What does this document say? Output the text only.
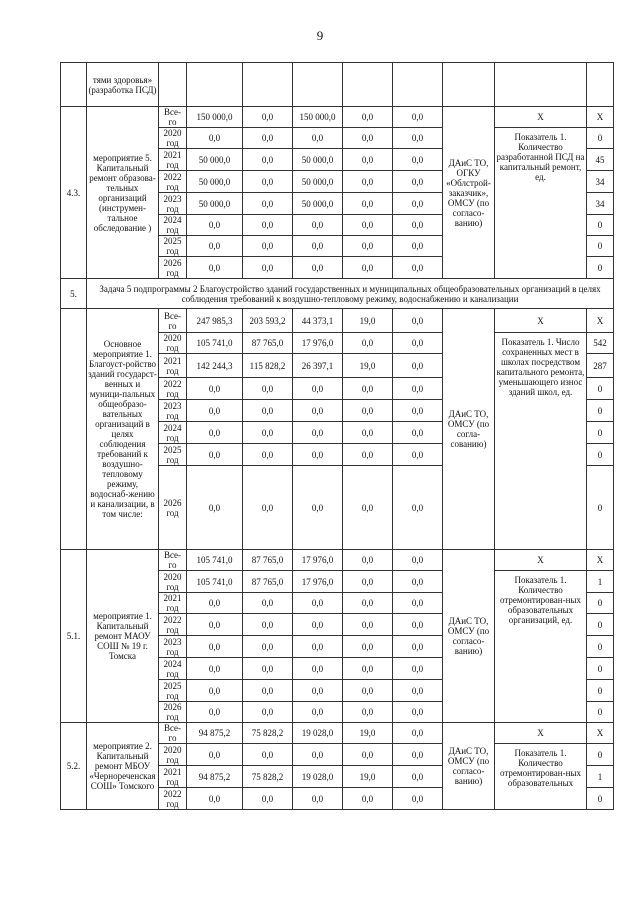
9
	тями здоровья» (разработка ПСД)									
4.3.	мероприятие 5. Капитальный ремонт образова-тельных организаций (инструмен-тальное обследование )	Все-го	150 000,0	0,0	150 000,0	0,0	0,0	ДАиС ТО, ОГКУ «Облстрой-заказчик», ОМСУ (по согласо-ванию)	Х	Х
		2020 год	0,0	0,0	0,0	0,0	0,0		Показатель 1. Количество разработанной ПСД на капитальный ремонт, ед.	0
		2021 год	50 000,0	0,0	50 000,0	0,0	0,0			45
		2022 год	50 000,0	0,0	50 000,0	0,0	0,0			34
		2023 год	50 000,0	0,0	50 000,0	0,0	0,0			34
		2024 год	0,0	0,0	0,0	0,0	0,0			0
		2025 год	0,0	0,0	0,0	0,0	0,0			0
		2026 год	0,0	0,0	0,0	0,0	0,0			0
5.	Задача 5 подпрограммы 2 Благоустройство зданий государственных и муниципальных общеобразовательных организаций в целях соблюдения требований к воздушно-тепловому режиму, водоснабжению и канализации									
	Основное мероприятие 1. Благоуст-ройство зданий государст-венных и муници-пальных общеобразо-вательных организаций в целях соблюдения требований к воздушно-тепловому режиму, водоснаб-жению и канализации, в том числе:	Все-го	247 985,3	203 593,2	44 373,1	19,0	0,0	ДАиС ТО, ОМСУ (по согла-сованию)	Х	Х
		2020 год	105 741,0	87 765,0	17 976,0	0,0	0,0		Показатель 1. Число сохраненных мест в школах посредством капитального ремонта, уменьшающего износ зданий школ, ед.	542
		2021 год	142 244,3	115 828,2	26 397,1	19,0	0,0			287
		2022 год	0,0	0,0	0,0	0,0	0,0			0
		2023 год	0,0	0,0	0,0	0,0	0,0			0
		2024 год	0,0	0,0	0,0	0,0	0,0			0
		2025 год	0,0	0,0	0,0	0,0	0,0			0
		2026 год	0,0	0,0	0,0	0,0	0,0			0
5.1.	мероприятие 1. Капитальный ремонт МАОУ СОШ № 19 г. Томска	Все-го	105 741,0	87 765,0	17 976,0	0,0	0,0	ДАиС ТО, ОМСУ (по согласо-ванию)	Х	Х
		2020 год	105 741,0	87 765,0	17 976,0	0,0	0,0		Показатель 1. Количество отремонтирован-ных образовательных организаций, ед.	1
		2021 год	0,0	0,0	0,0	0,0	0,0			0
		2022 год	0,0	0,0	0,0	0,0	0,0			0
		2023 год	0,0	0,0	0,0	0,0	0,0			0
		2024 год	0,0	0,0	0,0	0,0	0,0			0
		2025 год	0,0	0,0	0,0	0,0	0,0			0
		2026 год	0,0	0,0	0,0	0,0	0,0			0
5.2.	мероприятие 2. Капитальный ремонт МБОУ «Чернореченская СОШ» Томского	Все-го	94 875,2	75 828,2	19 028,0	19,0	0,0	ДАиС ТО, ОМСУ (по согласо-ванию)	Х	Х
		2020 год	0,0	0,0	0,0	0,0	0,0		Показатель 1. Количество отремонтирован-ных образовательных	0
		2021 год	94 875,2	75 828,2	19 028,0	19,0	0,0			1
		2022 год	0,0	0,0	0,0	0,0	0,0			0
